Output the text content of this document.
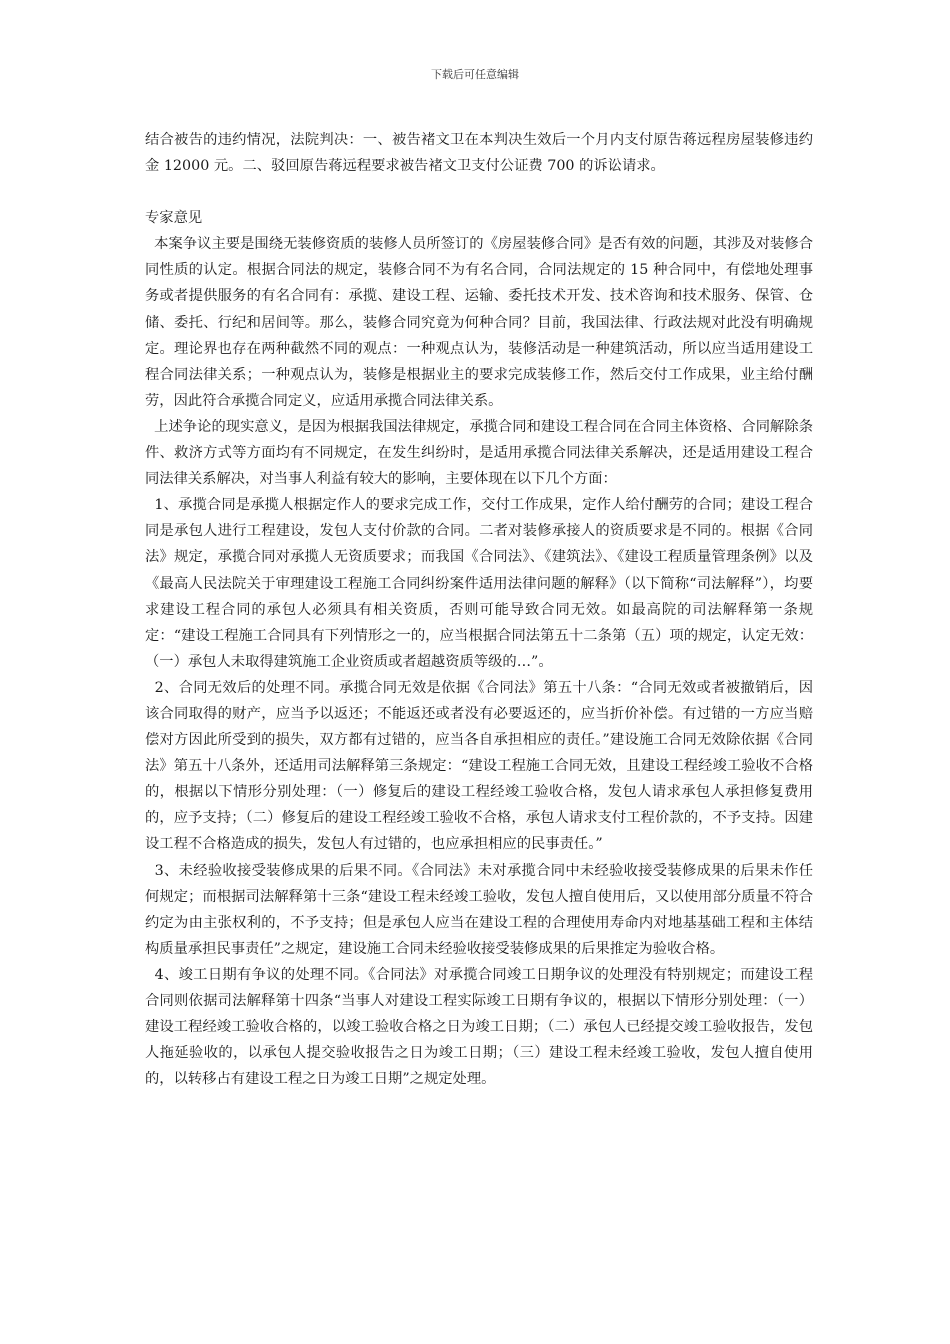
下载后可任意编辑

结合被告的违约情况，法院判决：一、被告褚文卫在本判决生效后一个月内支付原告蒋远程房屋装修违约金 12000 元。二、驳回原告蒋远程要求被告褚文卫支付公证费 700 的诉讼请求。

专家意见

本案争议主要是围绕无装修资质的装修人员所签订的《房屋装修合同》是否有效的问题，其涉及对装修合同性质的认定。根据合同法的规定，装修合同不为有名合同，合同法规定的 15 种合同中，有偿地处理事务或者提供服务的有名合同有：承揽、建设工程、运输、委托技术开发、技术咨询和技术服务、保管、仓储、委托、行纪和居间等。那么，装修合同究竟为何种合同？目前，我国法律、行政法规对此没有明确规定。理论界也存在两种截然不同的观点：一种观点认为，装修活动是一种建筑活动，所以应当适用建设工程合同法律关系；一种观点认为，装修是根据业主的要求完成装修工作，然后交付工作成果，业主给付酬劳，因此符合承揽合同定义，应适用承揽合同法律关系。

上述争论的现实意义，是因为根据我国法律规定，承揽合同和建设工程合同在合同主体资格、合同解除条件、救济方式等方面均有不同规定，在发生纠纷时，是适用承揽合同法律关系解决，还是适用建设工程合同法律关系解决，对当事人利益有较大的影响，主要体现在以下几个方面：

1、承揽合同是承揽人根据定作人的要求完成工作，交付工作成果，定作人给付酬劳的合同；建设工程合同是承包人进行工程建设，发包人支付价款的合同。二者对装修承接人的资质要求是不同的。根据《合同法》规定，承揽合同对承揽人无资质要求；而我国《合同法》、《建筑法》、《建设工程质量管理条例》以及《最高人民法院关于审理建设工程施工合同纠纷案件适用法律问题的解释》（以下简称“司法解释”），均要求建设工程合同的承包人必须具有相关资质，否则可能导致合同无效。如最高院的司法解释第一条规定：“建设工程施工合同具有下列情形之一的，应当根据合同法第五十二条第（五）项的规定，认定无效：（一）承包人未取得建筑施工企业资质或者超越资质等级的…”。

2、合同无效后的处理不同。承揽合同无效是依据《合同法》第五十八条：“合同无效或者被撤销后，因该合同取得的财产，应当予以返还；不能返还或者没有必要返还的，应当折价补偿。有过错的一方应当赔偿对方因此所受到的损失，双方都有过错的，应当各自承担相应的责任。”建设施工合同无效除依据《合同法》第五十八条外，还适用司法解释第三条规定：“建设工程施工合同无效，且建设工程经竣工验收不合格的，根据以下情形分别处理：（一）修复后的建设工程经竣工验收合格，发包人请求承包人承担修复费用的，应予支持；（二）修复后的建设工程经竣工验收不合格，承包人请求支付工程价款的，不予支持。因建设工程不合格造成的损失，发包人有过错的，也应承担相应的民事责任。”

3、未经验收接受装修成果的后果不同。《合同法》未对承揽合同中未经验收接受装修成果的后果未作任何规定；而根据司法解释第十三条“建设工程未经竣工验收，发包人擅自使用后，又以使用部分质量不符合约定为由主张权利的，不予支持；但是承包人应当在建设工程的合理使用寿命内对地基基础工程和主体结构质量承担民事责任”之规定，建设施工合同未经验收接受装修成果的后果推定为验收合格。

4、竣工日期有争议的处理不同。《合同法》对承揽合同竣工日期争议的处理没有特别规定；而建设工程合同则依据司法解释第十四条“当事人对建设工程实际竣工日期有争议的，根据以下情形分别处理：（一）建设工程经竣工验收合格的，以竣工验收合格之日为竣工日期；（二）承包人已经提交竣工验收报告，发包人拖延验收的，以承包人提交验收报告之日为竣工日期；（三）建设工程未经竣工验收，发包人擅自使用的，以转移占有建设工程之日为竣工日期”之规定处理。
